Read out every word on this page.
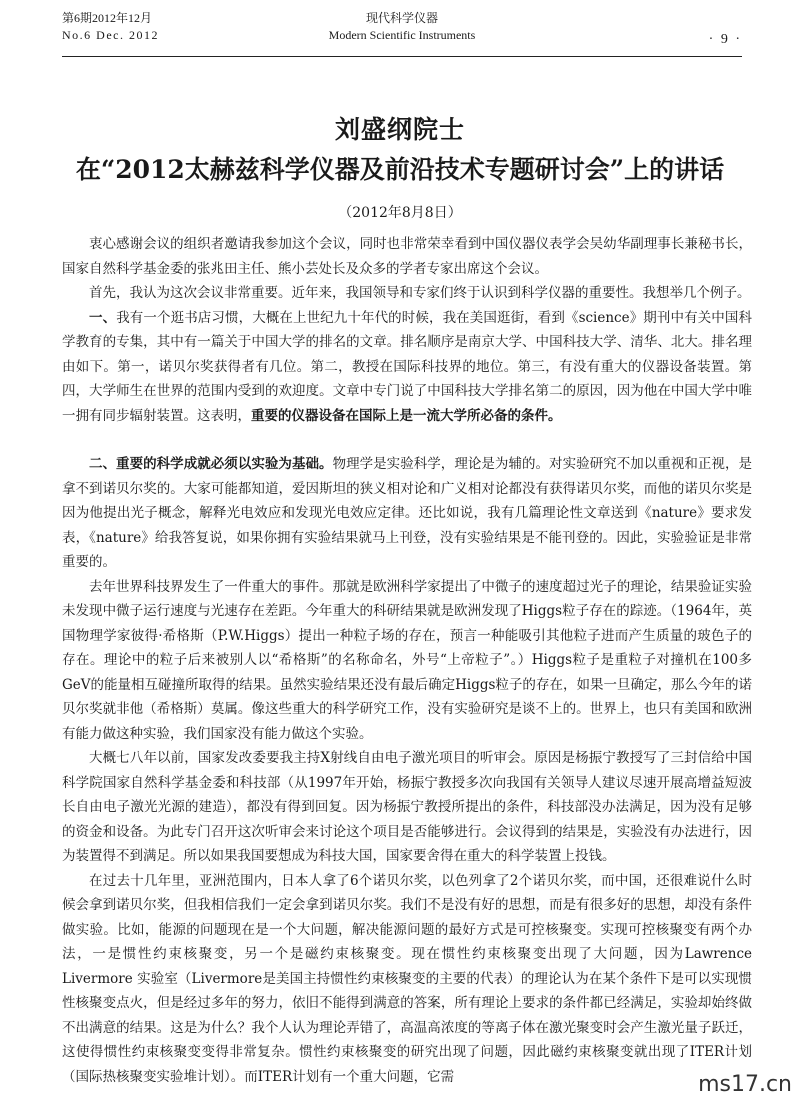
第6期2012年12月
No.6 Dec. 2012
现代科学仪器
Modern Scientific Instruments	· 9 ·
刘盛纲院士
在“2012太赫兹科学仪器及前沿技术专题研讨会”上的讲话
（2012年8月8日）

衷心感谢会议的组织者邀请我参加这个会议，同时也非常荣幸看到中国仪器仪表学会吴幼华副理事长兼秘书长，国家自然科学基金委的张兆田主任、熊小芸处长及众多的学者专家出席这个会议。

首先，我认为这次会议非常重要。近年来，我国领导和专家们终于认识到科学仪器的重要性。我想举几个例子。

一、我有一个逛书店习惯，大概在上世纪九十年代的时候，我在美国逛街，看到《science》期刊中有关中国科学教育的专集，其中有一篇关于中国大学的排名的文章。排名顺序是南京大学、中国科技大学、清华、北大。排名理由如下。第一，诺贝尔奖获得者有几位。第二，教授在国际科技界的地位。第三，有没有重大的仪器设备装置。第四，大学师生在世界的范围内受到的欢迎度。文章中专门说了中国科技大学排名第二的原因，因为他在中国大学中唯一拥有同步辐射装置。这表明，重要的仪器设备在国际上是一流大学所必备的条件。

二、重要的科学成就必须以实验为基础。物理学是实验科学，理论是为辅的。对实验研究不加以重视和正视，是拿不到诺贝尔奖的。大家可能都知道，爱因斯坦的狭义相对论和广义相对论都没有获得诺贝尔奖，而他的诺贝尔奖是因为他提出光子概念，解释光电效应和发现光电效应定律。还比如说，我有几篇理论性文章送到《nature》要求发表，《nature》给我答复说，如果你拥有实验结果就马上刊登，没有实验结果是不能刊登的。因此，实验验证是非常重要的。

去年世界科技界发生了一件重大的事件。那就是欧洲科学家提出了中微子的速度超过光子的理论，结果验证实验未发现中微子运行速度与光速存在差距。今年重大的科研结果就是欧洲发现了Higgs粒子存在的踪迹。（1964年，英国物理学家彼得·希格斯（P.W.Higgs）提出一种粒子场的存在，预言一种能吸引其他粒子进而产生质量的玻色子的存在。理论中的粒子后来被别人以“希格斯”的名称命名，外号“上帝粒子”。）Higgs粒子是重粒子对撞机在100多GeV的能量相互碰撞所取得的结果。虽然实验结果还没有最后确定Higgs粒子的存在，如果一旦确定，那么今年的诺贝尔奖就非他（希格斯）莫属。像这些重大的科学研究工作，没有实验研究是谈不上的。世界上，也只有美国和欧洲有能力做这种实验，我们国家没有能力做这个实验。

大概七八年以前，国家发改委要我主持X射线自由电子激光项目的听审会。原因是杨振宁教授写了三封信给中国科学院国家自然科学基金委和科技部（从1997年开始，杨振宁教授多次向我国有关领导人建议尽速开展高增益短波长自由电子激光光源的建造），都没有得到回复。因为杨振宁教授所提出的条件，科技部没办法满足，因为没有足够的资金和设备。为此专门召开这次听审会来讨论这个项目是否能够进行。会议得到的结果是，实验没有办法进行，因为装置得不到满足。所以如果我国要想成为科技大国，国家要舍得在重大的科学装置上投钱。

在过去十几年里，亚洲范围内，日本人拿了6个诺贝尔奖，以色列拿了2个诺贝尔奖，而中国，还很难说什么时候会拿到诺贝尔奖，但我相信我们一定会拿到诺贝尔奖。我们不是没有好的思想，而是有很多好的思想，却没有条件做实验。比如，能源的问题现在是一个大问题，解决能源问题的最好方式是可控核聚变。实现可控核聚变有两个办法，一是惯性约束核聚变，另一个是磁约束核聚变。现在惯性约束核聚变出现了大问题，因为Lawrence Livermore 实验室（Livermore是美国主持惯性约束核聚变的主要的代表）的理论认为在某个条件下是可以实现惯性核聚变点火，但是经过多年的努力，依旧不能得到满意的答案，所有理论上要求的条件都已经满足，实验却始终做不出满意的结果。这是为什么？我个人认为理论弄错了，高温高浓度的等离子体在激光聚变时会产生激光量子跃迁，这使得惯性约束核聚变变得非常复杂。惯性约束核聚变的研究出现了问题，因此磁约束核聚变就出现了ITER计划（国际热核聚变实验堆计划）。而ITER计划有一个重大问题，它需	ms17.cn
